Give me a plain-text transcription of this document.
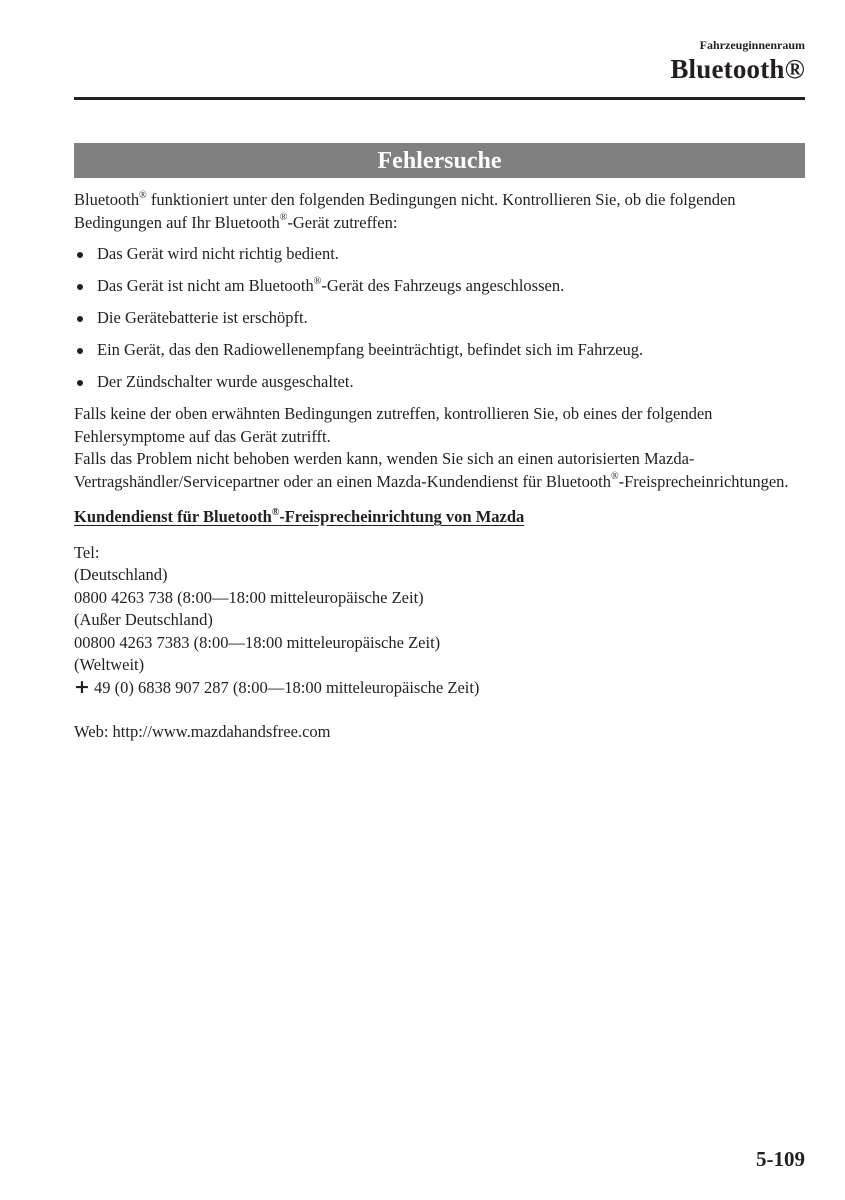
Fahrzeuginnenraum
Bluetooth®
Fehlersuche

Bluetooth® funktioniert unter den folgenden Bedingungen nicht. Kontrollieren Sie, ob die folgenden Bedingungen auf Ihr Bluetooth®-Gerät zutreffen:

Das Gerät wird nicht richtig bedient.
Das Gerät ist nicht am Bluetooth®-Gerät des Fahrzeugs angeschlossen.
Die Gerätebatterie ist erschöpft.
Ein Gerät, das den Radiowellenempfang beeinträchtigt, befindet sich im Fahrzeug.
Der Zündschalter wurde ausgeschaltet.

Falls keine der oben erwähnten Bedingungen zutreffen, kontrollieren Sie, ob eines der folgenden Fehlersymptome auf das Gerät zutrifft.

Falls das Problem nicht behoben werden kann, wenden Sie sich an einen autorisierten Mazda-Vertragshändler/Servicepartner oder an einen Mazda-Kundendienst für Bluetooth®-Freisprecheinrichtungen.

Kundendienst für Bluetooth®-Freisprecheinrichtung von Mazda

Tel:

(Deutschland)

0800 4263 738 (8:00—18:00 mitteleuropäische Zeit)

(Außer Deutschland)

00800 4263 7383 (8:00—18:00 mitteleuropäische Zeit)

(Weltweit)

+ 49 (0) 6838 907 287 (8:00—18:00 mitteleuropäische Zeit)

Web: http://www.mazdahandsfree.com

5-109
